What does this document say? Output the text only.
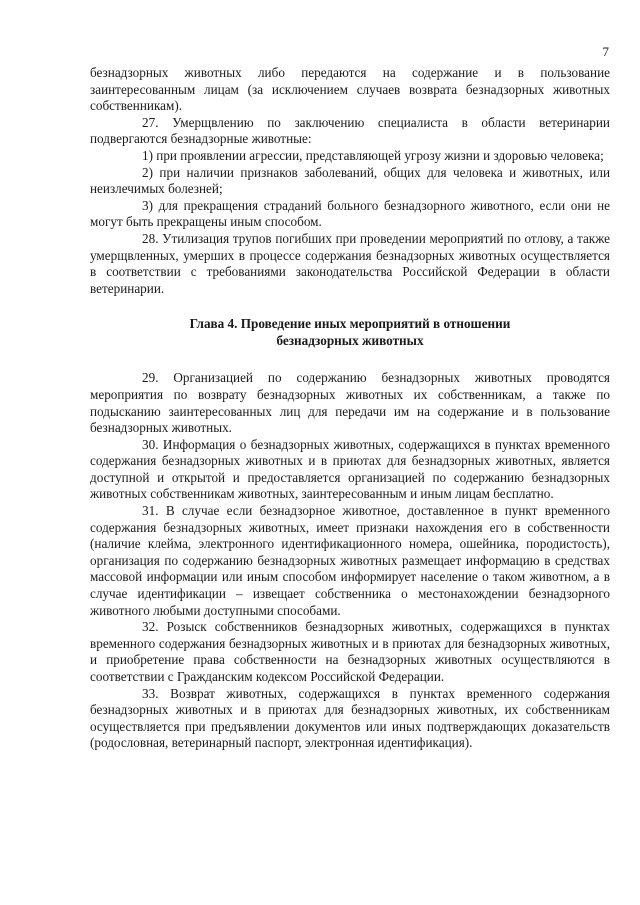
7

безнадзорных животных либо передаются на содержание и в пользование заинтересованным лицам (за исключением случаев возврата безнадзорных животных собственникам).

27. Умерщвлению по заключению специалиста в области ветеринарии подвергаются безнадзорные животные:

1) при проявлении агрессии, представляющей угрозу жизни и здоровью человека;

2) при наличии признаков заболеваний, общих для человека и животных, или неизлечимых болезней;

3) для прекращения страданий больного безнадзорного животного, если они не могут быть прекращены иным способом.

28. Утилизация трупов погибших при проведении мероприятий по отлову, а также умерщвленных, умерших в процессе содержания безнадзорных животных осуществляется в соответствии с требованиями законодательства Российской Федерации в области ветеринарии.

Глава 4. Проведение иных мероприятий в отношении
безнадзорных животных

29. Организацией по содержанию безнадзорных животных проводятся мероприятия по возврату безнадзорных животных их собственникам, а также по подысканию заинтересованных лиц для передачи им на содержание и в пользование безнадзорных животных.

30. Информация о безнадзорных животных, содержащихся в пунктах временного содержания безнадзорных животных и в приютах для безнадзорных животных, является доступной и открытой и предоставляется организацией по содержанию безнадзорных животных собственникам животных, заинтересованным и иным лицам бесплатно.

31. В случае если безнадзорное животное, доставленное в пункт временного содержания безнадзорных животных, имеет признаки нахождения его в собственности (наличие клейма, электронного идентификационного номера, ошейника, породистость), организация по содержанию безнадзорных животных размещает информацию в средствах массовой информации или иным способом информирует население о таком животном, а в случае идентификации – извещает собственника о местонахождении безнадзорного животного любыми доступными способами.

32. Розыск собственников безнадзорных животных, содержащихся в пунктах временного содержания безнадзорных животных и в приютах для безнадзорных животных, и приобретение права собственности на безнадзорных животных осуществляются в соответствии с Гражданским кодексом Российской Федерации.

33. Возврат животных, содержащихся в пунктах временного содержания безнадзорных животных и в приютах для безнадзорных животных, их собственникам осуществляется при предъявлении документов или иных подтверждающих доказательств (родословная, ветеринарный паспорт, электронная идентификация).
